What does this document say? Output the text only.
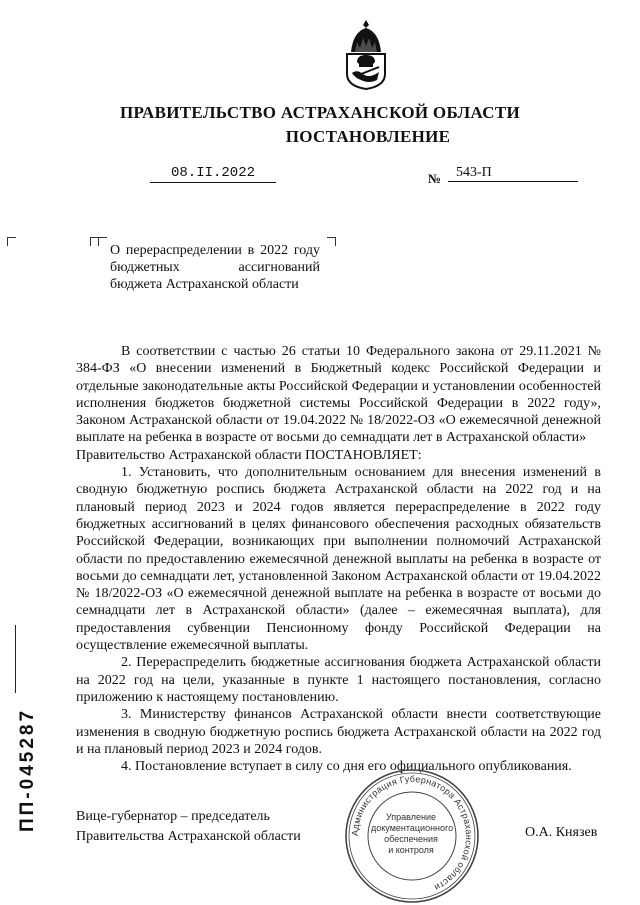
ПРАВИТЕЛЬСТВО АСТРАХАНСКОЙ ОБЛАСТИ
ПОСТАНОВЛЕНИЕ
08.II.2022	№	543-П
О перераспределении в 2022 году бюджетных ассигнований бюджета Астраханской области

В соответствии с частью 26 статьи 10 Федерального закона от 29.11.2021 № 384-ФЗ «О внесении изменений в Бюджетный кодекс Российской Федерации и отдельные законодательные акты Российской Федерации и установлении особенностей исполнения бюджетов бюджетной системы Российской Федерации в 2022 году», Законом Астраханской области от 19.04.2022 № 18/2022-ОЗ «О ежемесячной денежной выплате на ребенка в возрасте от восьми до семнадцати лет в Астраханской области»

Правительство Астраханской области ПОСТАНОВЛЯЕТ:

1. Установить, что дополнительным основанием для внесения изменений в сводную бюджетную роспись бюджета Астраханской области на 2022 год и на плановый период 2023 и 2024 годов является перераспределение в 2022 году бюджетных ассигнований в целях финансового обеспечения расходных обязательств Российской Федерации, возникающих при выполнении полномочий Астраханской области по предоставлению ежемесячной денежной выплаты на ребенка в возрасте от восьми до семнадцати лет, установленной Законом Астраханской области от 19.04.2022 № 18/2022-ОЗ «О ежемесячной денежной выплате на ребенка в возрасте от восьми до семнадцати лет в Астраханской области» (далее – ежемесячная выплата), для предоставления субвенции Пенсионному фонду Российской Федерации на осуществление ежемесячной выплаты.

2. Перераспределить бюджетные ассигнования бюджета Астраханской области на 2022 год на цели, указанные в пункте 1 настоящего постановления, согласно приложению к настоящему постановлению.

3. Министерству финансов Астраханской области внести соответствующие изменения в сводную бюджетную роспись бюджета Астраханской области на 2022 год и на плановый период 2023 и 2024 годов.

4. Постановление вступает в силу со дня его официального опубликования.

Вице-губернатор – председатель
Правительства Астраханской области	О.А. Князев
Администрация Губернатора Астраханской области
Управление
документационного
обеспечения
и контроля
ПП-045287
